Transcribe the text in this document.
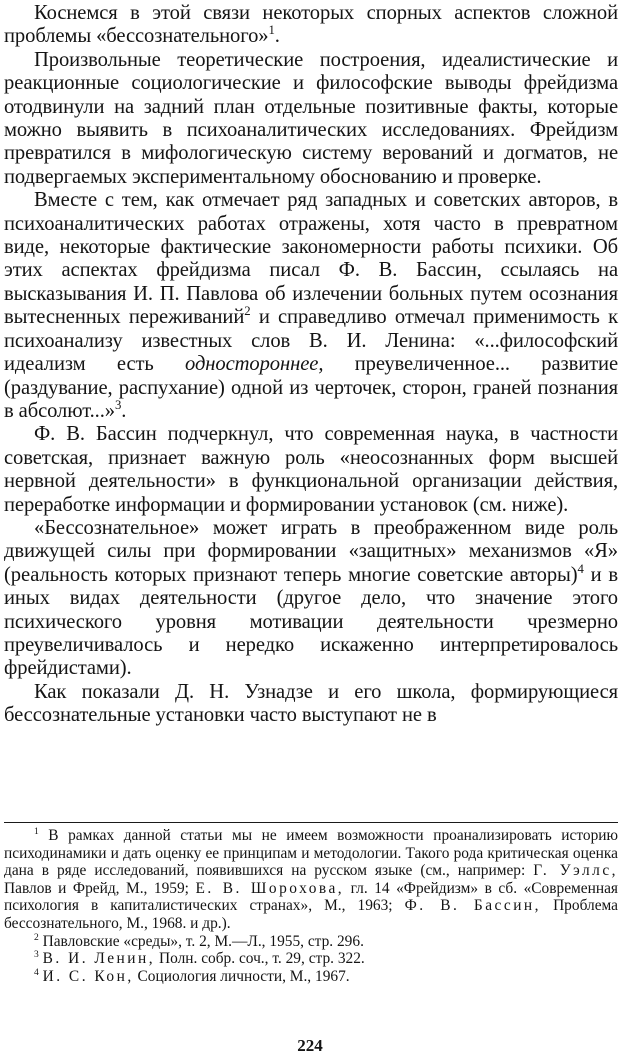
Коснемся в этой связи некоторых спорных аспектов сложной проблемы «бессознательного»$^1$.

Произвольные теоретические построения, идеалистические и реакционные социологические и философские выводы фрейдизма отодвинули на задний план отдельные позитивные факты, которые можно выявить в психоаналитических исследованиях. Фрейдизм превратился в мифологическую систему верований и догматов, не подвергаемых экспериментальному обоснованию и проверке.

Вместе с тем, как отмечает ряд западных и советских авторов, в психоаналитических работах отражены, хотя часто в превратном виде, некоторые фактические закономерности работы психики. Об этих аспектах фрейдизма писал Ф. В. Бассин, ссылаясь на высказывания И. П. Павлова об излечении больных путем осознания вытесненных переживаний$^2$ и справедливо отмечал применимость к психоанализу известных слов В. И. Ленина: «...философский идеализм есть одностороннее, преувеличенное... развитие (раздувание, распухание) одной из черточек, сторон, граней познания в абсолют...»$^3$.

Ф. В. Бассин подчеркнул, что современная наука, в частности советская, признает важную роль «неосознанных форм высшей нервной деятельности» в функциональной организации действия, переработке информации и формировании установок (см. ниже).

«Бессознательное» может играть в преображенном виде роль движущей силы при формировании «защитных» механизмов «Я» (реальность которых признают теперь многие советские авторы)$^4$ и в иных видах деятельности (другое дело, что значение этого психического уровня мотивации деятельности чрезмерно преувеличивалось и нередко искаженно интерпретировалось фрейдистами).

Как показали Д. Н. Узнадзе и его школа, формирующиеся бессознательные установки часто выступают не в

$^1$ В рамках данной статьи мы не имеем возможности проанализировать историю психодинамики и дать оценку ее принципам и методологии. Такого рода критическая оценка дана в ряде исследований, появившихся на русском языке (см., например: Г. Уэллс, Павлов и Фрейд, М., 1959; Е. В. Шорохова, гл. 14 «Фрейдизм» в сб. «Современная психология в капиталистических странах», М., 1963; Ф. В. Бассин, Проблема бессознательного, М., 1968. и др.).

$^2$ Павловские «среды», т. 2, М.—Л., 1955, стр. 296.

$^3$ В. И. Ленин, Полн. собр. соч., т. 29, стр. 322.

$^4$ И. С. Кон, Социология личности, М., 1967.

224
